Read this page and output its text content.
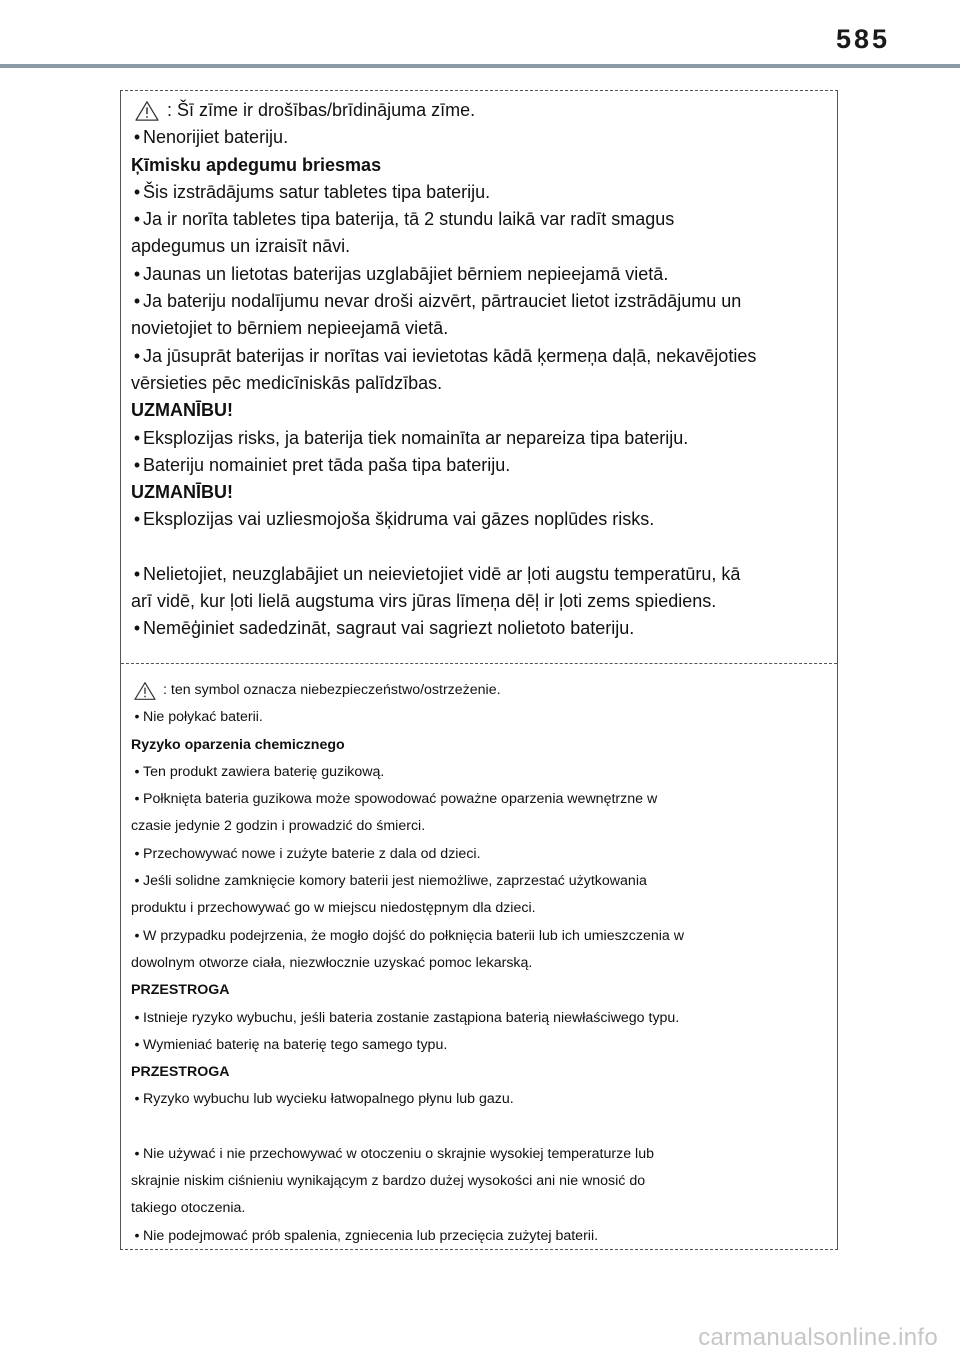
585
: Šī zīme ir drošības/brīdinājuma zīme.
• Nenorijiet bateriju.
Ķīmisku apdegumu briesmas
• Šis izstrādājums satur tabletes tipa bateriju.
• Ja ir norīta tabletes tipa baterija, tā 2 stundu laikā var radīt smagus
apdegumus un izraisīt nāvi.
• Jaunas un lietotas baterijas uzglabājiet bērniem nepieejamā vietā.
• Ja bateriju nodalījumu nevar droši aizvērt, pārtrauciet lietot izstrādājumu un
novietojiet to bērniem nepieejamā vietā.
• Ja jūsuprāt baterijas ir norītas vai ievietotas kādā ķermeņa daļā, nekavējoties
vērsieties pēc medicīniskās palīdzības.
UZMANĪBU!
• Eksplozijas risks, ja baterija tiek nomainīta ar nepareiza tipa bateriju.
• Bateriju nomainiet pret tāda paša tipa bateriju.
UZMANĪBU!
• Eksplozijas vai uzliesmojoša šķidruma vai gāzes noplūdes risks.
• Nelietojiet, neuzglabājiet un neievietojiet vidē ar ļoti augstu temperatūru, kā
arī vidē, kur ļoti lielā augstuma virs jūras līmeņa dēļ ir ļoti zems spiediens.
• Nemēģiniet sadedzināt, sagraut vai sagriezt nolietoto bateriju.
: ten symbol oznacza niebezpieczeństwo/ostrzeżenie.
• Nie połykać baterii.
Ryzyko oparzenia chemicznego
• Ten produkt zawiera baterię guzikową.
• Połknięta bateria guzikowa może spowodować poważne oparzenia wewnętrzne w
czasie jedynie 2 godzin i prowadzić do śmierci.
• Przechowywać nowe i zużyte baterie z dala od dzieci.
• Jeśli solidne zamknięcie komory baterii jest niemożliwe, zaprzestać użytkowania
produktu i przechowywać go w miejscu niedostępnym dla dzieci.
• W przypadku podejrzenia, że mogło dojść do połknięcia baterii lub ich umieszczenia w
dowolnym otworze ciała, niezwłocznie uzyskać pomoc lekarską.
PRZESTROGA
• Istnieje ryzyko wybuchu, jeśli bateria zostanie zastąpiona baterią niewłaściwego typu.
• Wymieniać baterię na baterię tego samego typu.
PRZESTROGA
• Ryzyko wybuchu lub wycieku łatwopalnego płynu lub gazu.
• Nie używać i nie przechowywać w otoczeniu o skrajnie wysokiej temperaturze lub
skrajnie niskim ciśnieniu wynikającym z bardzo dużej wysokości ani nie wnosić do
takiego otoczenia.
• Nie podejmować prób spalenia, zgniecenia lub przecięcia zużytej baterii.
carmanualsonline.info
